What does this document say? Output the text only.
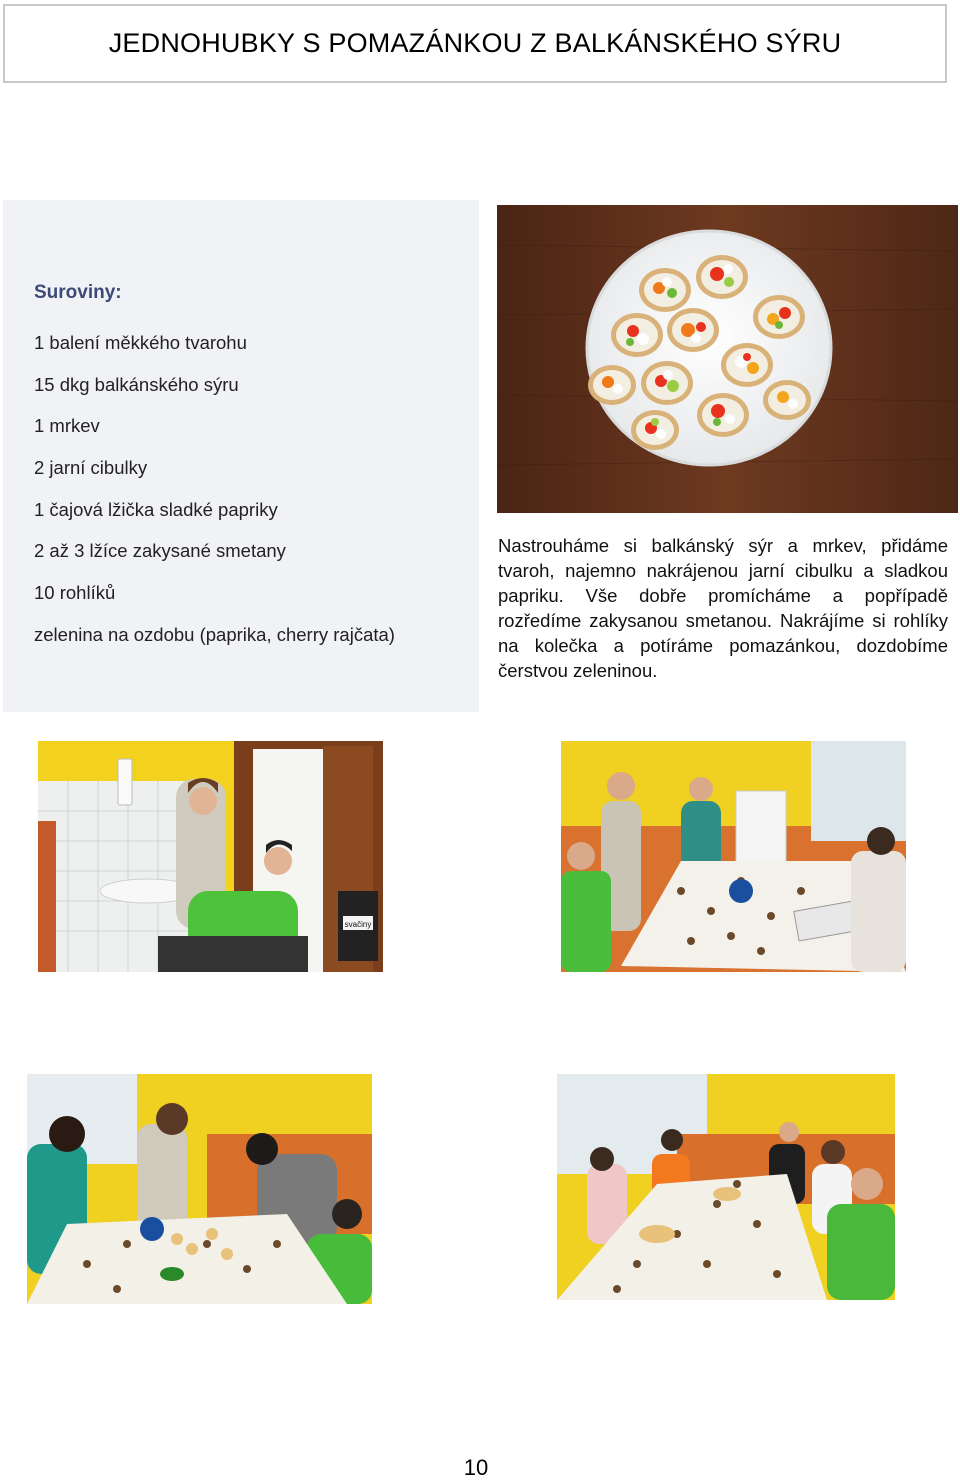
JEDNOHUBKY S POMAZÁNKOU Z BALKÁNSKÉHO SÝRU
Suroviny:
1 balení měkkého tvarohu
15 dkg balkánského sýru
1 mrkev
2 jarní cibulky
1 čajová lžička sladké papriky
2 až 3 lžíce zakysané smetany
10 rohlíků
zelenina na ozdobu (paprika, cherry rajčata)
Nastrouháme si balkánský sýr a mrkev, přidáme tvaroh, najemno nakrájenou jarní cibulku a sladkou papriku. Vše dobře promícháme a popřípadě rozředíme zakysanou smetanou. Nakrájíme si rohlíky na kolečka a potíráme pomazánkou, dozdobíme čerstvou zeleninou.
svačiny
10
